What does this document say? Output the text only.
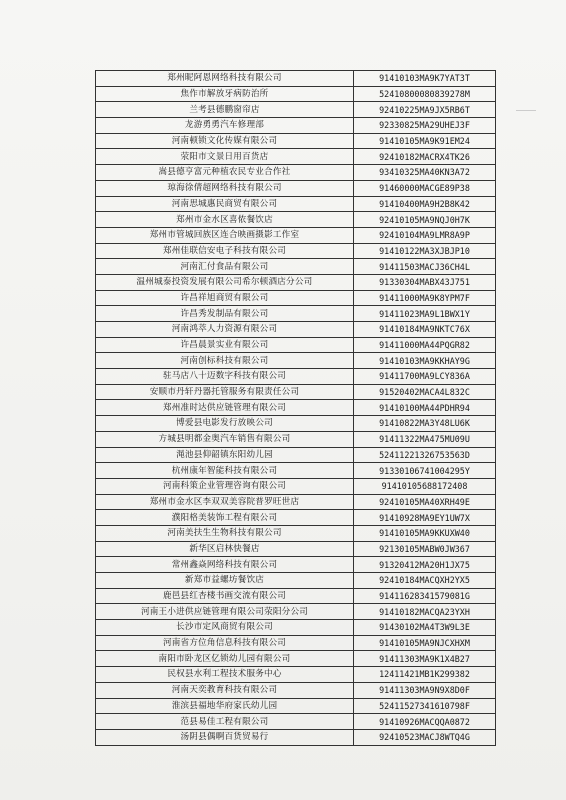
郑州昵阿恩网络科技有限公司	91410103MA9K7YAT3T
焦作市解放牙病防治所	52410800080839278M
兰考县德鹏窗帘店	92410225MA9JX5RB6T
龙游勇勇汽车修理部	92330825MA29UHEJ3F
河南顿锁文化传媒有限公司	91410105MA9K91EM24
荥阳市文景日用百货店	92410182MACRX4TK26
嵩县德亨富元种植农民专业合作社	93410325MA40KN3A72
琼海徐倩超网络科技有限公司	91460000MACGE89P38
河南思城惠民商贸有限公司	91410400MA9H2B8K42
郑州市金水区喜侬餐饮店	92410105MA9NQJ0H7K
郑州市管城回族区连合映画摄影工作室	92410104MA9LMR8A9P
郑州佳联信安电子科技有限公司	91410122MA3XJBJP10
河南汇付食品有限公司	91411503MACJ36CH4L
温州城泰投资发展有限公司希尔顿酒店分公司	91330304MABX43J751
许昌祥旭商贸有限公司	91411000MA9K8YPM7F
许昌秀发制品有限公司	91411023MA9L1BWX1Y
河南鸿萃人力资源有限公司	91410184MA9NKTC76X
许昌晨景实业有限公司	91411000MA44PQGR82
河南创标科技有限公司	91410103MA9KKHAY9G
驻马店八十迈数字科技有限公司	91411700MA9LCY836A
安顺市丹轩丹器托管服务有限责任公司	91520402MACA4L832C
郑州准时达供应链管理有限公司	91410100MA44PDHR94
博爱县电影发行放映公司	91410822MA3Y48LU6K
方城县明都金奥汽车销售有限公司	91411322MA475MU09U
渑池县仰韶镇东阳幼儿园	52411221326753563D
杭州康年智能科技有限公司	91330106741004295Y
河南科策企业管理咨询有限公司	91410105688172408
郑州市金水区李双双美容院普罗旺世店	92410105MA40XRH49E
濮阳格美装饰工程有限公司	91410928MA9EY1UW7X
河南美扶生生物科技有限公司	91410105MA9KKUXW40
新华区启林快餐店	92130105MABW0JW367
常州鑫焱网络科技有限公司	91320412MA20H1JX75
新郑市益螺坊餐饮店	92410184MACQXH2YX5
鹿邑县红杏楼书画交流有限公司	91411628341579081G
河南王小进供应链管理有限公司荥阳分公司	91410182MACQA23YXH
长沙市定风商贸有限公司	91430102MA4T3W9L3E
河南省方位角信息科技有限公司	91410105MA9NJCXHXM
南阳市卧龙区亿锁幼儿园有限公司	91411303MA9K1X4B27
民权县水利工程技术服务中心	12411421MB1K299382
河南天奕教育科技有限公司	91411303MA9N9X8D0F
淮滨县福地华府家氏幼儿园	52411527341610798F
范县易佳工程有限公司	91410926MACQQA0872
汤阴县偶啊百货贸易行	92410523MACJ8WTQ4G
